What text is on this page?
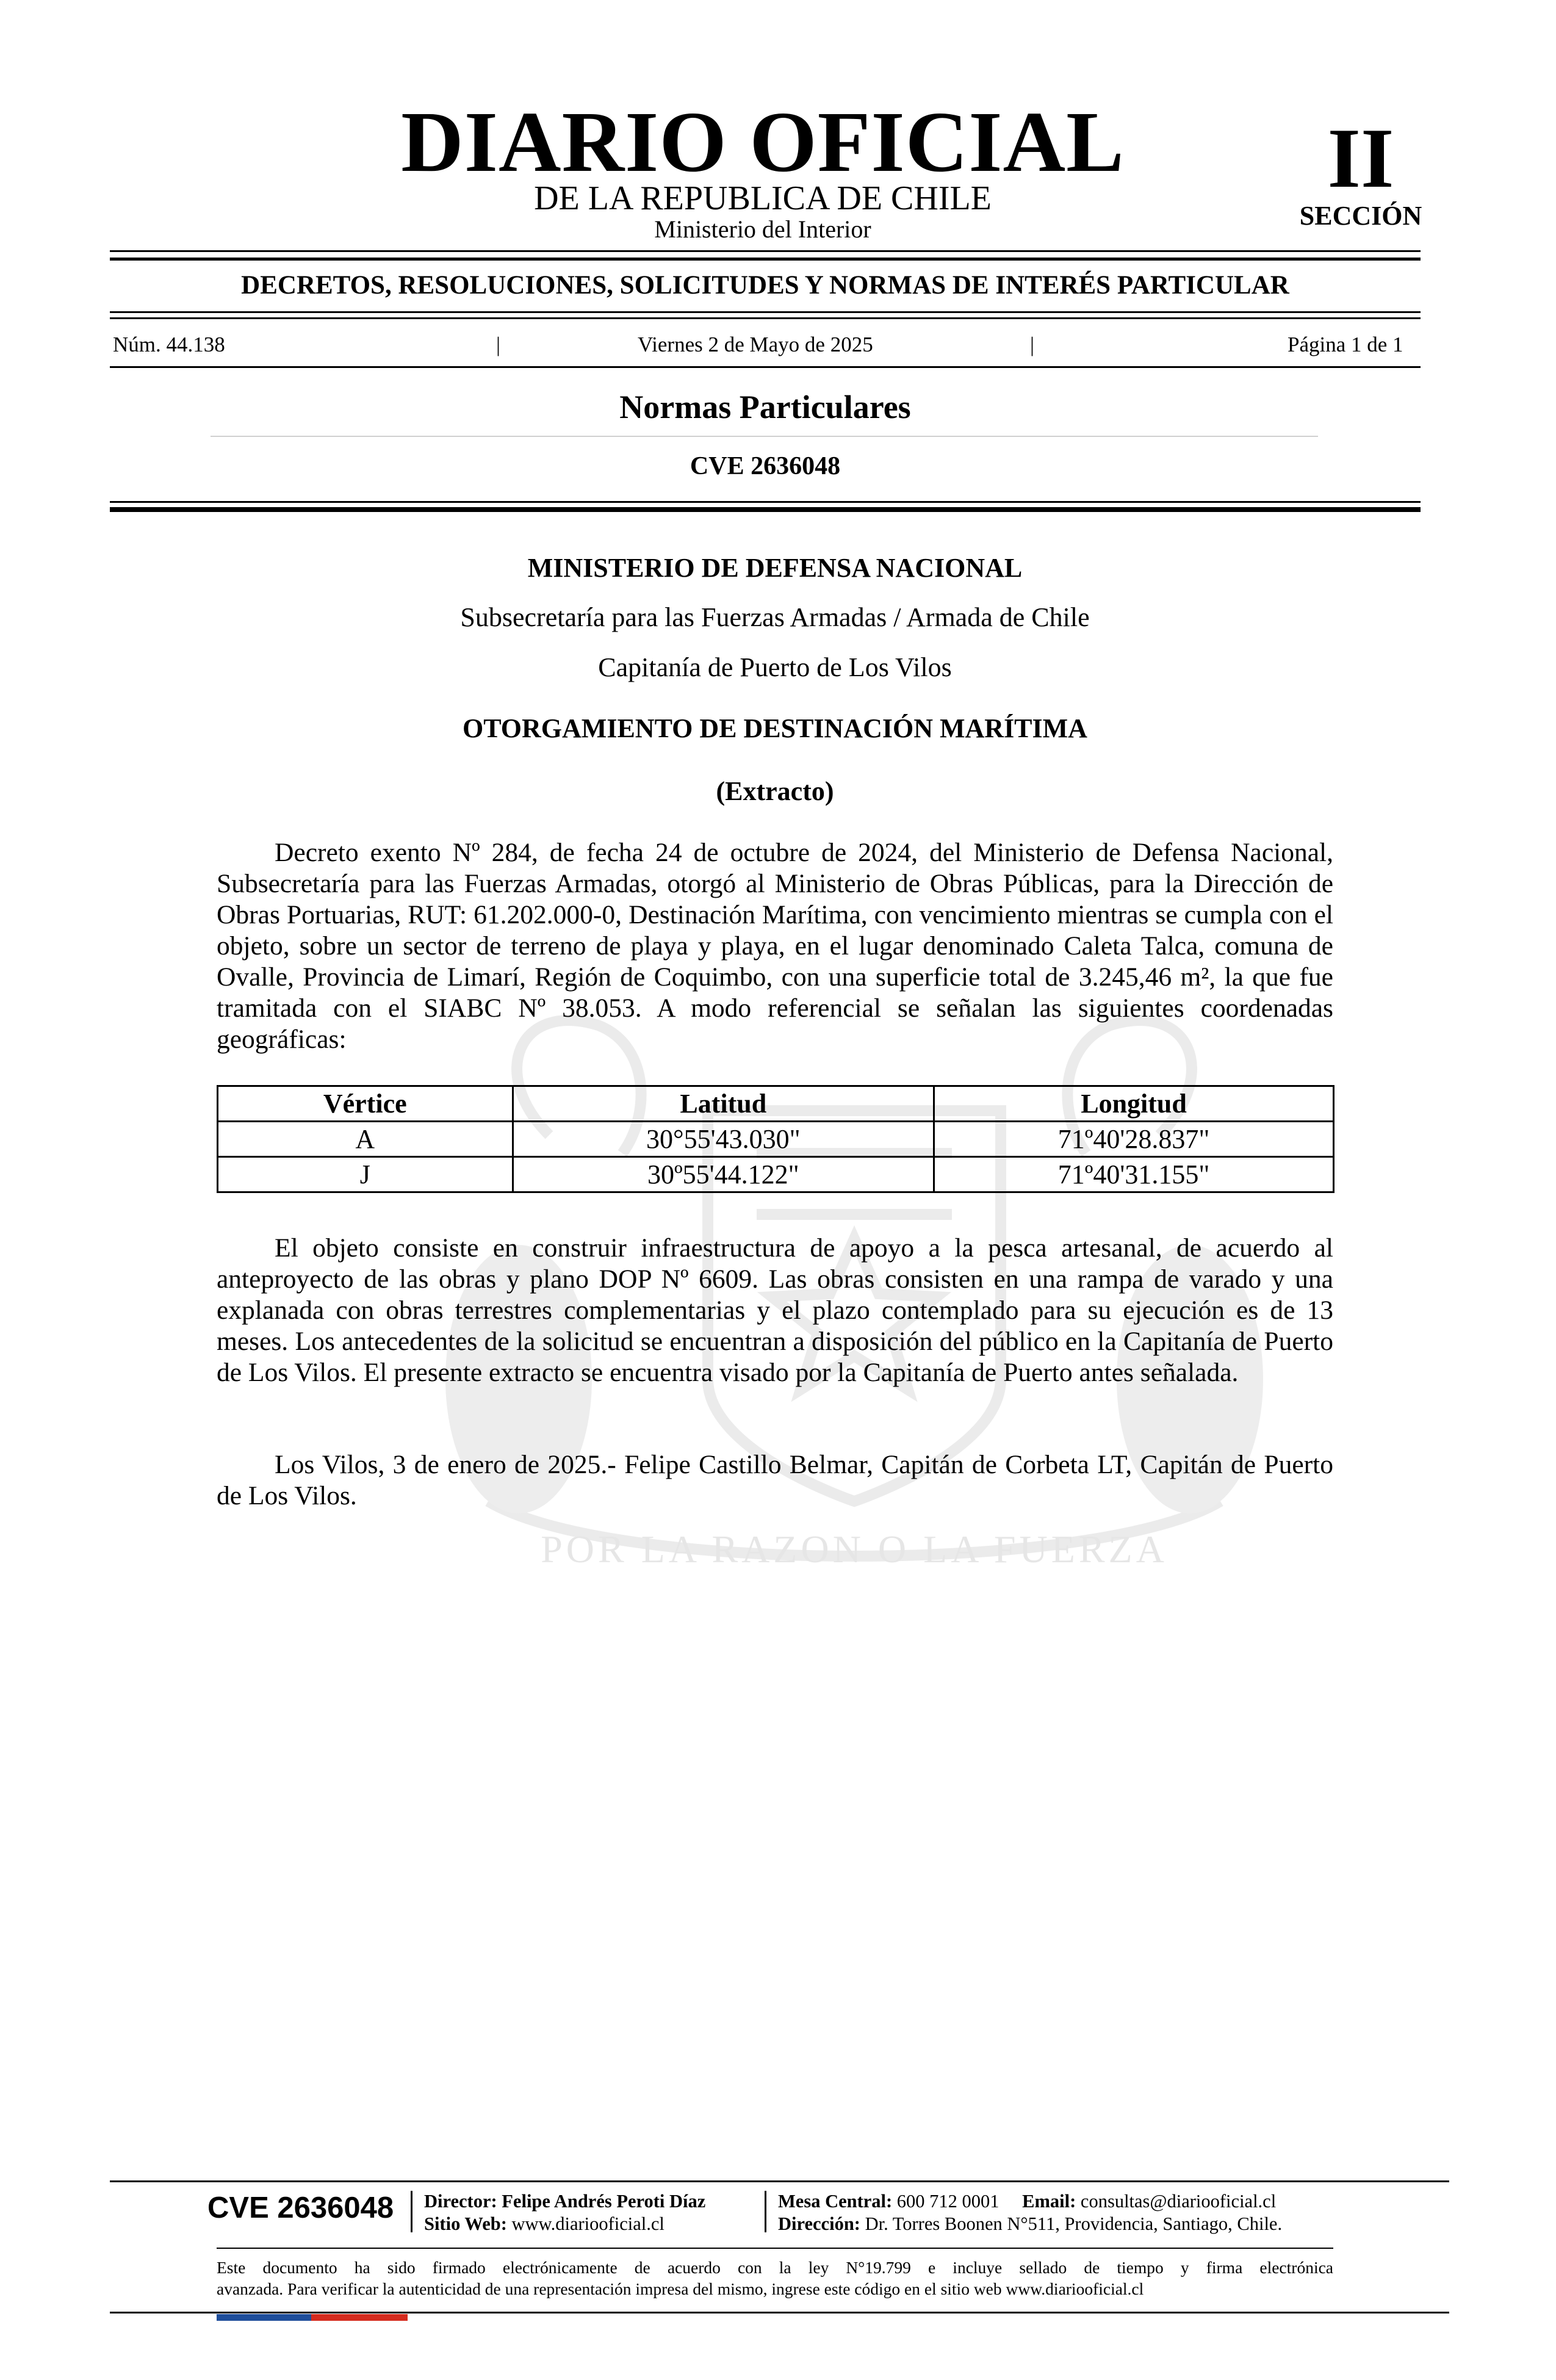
POR LA RAZON O LA FUERZA
DIARIO OFICIAL
DE LA REPUBLICA DE CHILE
Ministerio del Interior
II
SECCIÓN
DECRETOS, RESOLUCIONES, SOLICITUDES Y NORMAS DE INTERÉS PARTICULAR
Núm. 44.138	|	Viernes 2 de Mayo de 2025	|	Página 1 de 1
Normas Particulares
CVE 2636048
MINISTERIO DE DEFENSA NACIONAL
Subsecretaría para las Fuerzas Armadas / Armada de Chile
Capitanía de Puerto de Los Vilos
OTORGAMIENTO DE DESTINACIÓN MARÍTIMA
(Extracto)
Decreto exento Nº 284, de fecha 24 de octubre de 2024, del Ministerio de Defensa Nacional, Subsecretaría para las Fuerzas Armadas, otorgó al Ministerio de Obras Públicas, para la Dirección de Obras Portuarias, RUT: 61.202.000-0, Destinación Marítima, con vencimiento mientras se cumpla con el objeto, sobre un sector de terreno de playa y playa, en el lugar denominado Caleta Talca, comuna de Ovalle, Provincia de Limarí, Región de Coquimbo, con una superficie total de 3.245,46 m², la que fue tramitada con el SIABC Nº 38.053. A modo referencial se señalan las siguientes coordenadas geográficas:
Vértice	Latitud	Longitud
A	30°55'43.030"	71º40'28.837"
J	30º55'44.122"	71º40'31.155"
El objeto consiste en construir infraestructura de apoyo a la pesca artesanal, de acuerdo al anteproyecto de las obras y plano DOP Nº 6609. Las obras consisten en una rampa de varado y una explanada con obras terrestres complementarias y el plazo contemplado para su ejecución es de 13 meses. Los antecedentes de la solicitud se encuentran a disposición del público en la Capitanía de Puerto de Los Vilos. El presente extracto se encuentra visado por la Capitanía de Puerto antes señalada.
Los Vilos, 3 de enero de 2025.- Felipe Castillo Belmar, Capitán de Corbeta LT, Capitán de Puerto de Los Vilos.
CVE 2636048 Director: Felipe Andrés Peroti Díaz
Sitio Web: www.diariooficial.cl
Mesa Central: 600 712 0001 Email: consultas@diariooficial.cl
Dirección: Dr. Torres Boonen N°511, Providencia, Santiago, Chile.
Este documento ha sido firmado electrónicamente de acuerdo con la ley N°19.799 e incluye sellado de tiempo y firma electrónica
avanzada. Para verificar la autenticidad de una representación impresa del mismo, ingrese este código en el sitio web www.diariooficial.cl
